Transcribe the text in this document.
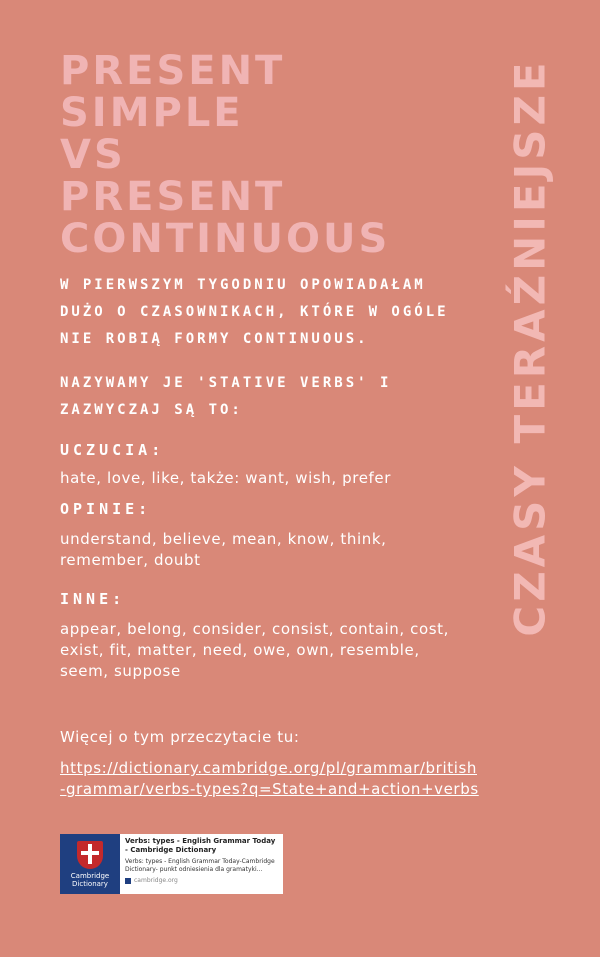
PRESENT SIMPLE
VS
PRESENT
CONTINUOUS	CZASY TERAŹNIEJSZE

W PIERWSZYM TYGODNIU OPOWIADAŁAM DUŻO O CZASOWNIKACH, KTÓRE W OGÓLE NIE ROBIĄ FORMY CONTINUOUS.

NAZYWAMY JE 'STATIVE VERBS' I ZAZWYCZAJ SĄ TO:

UCZUCIA:

hate, love, like, także: want, wish, prefer

OPINIE:

understand, believe, mean, know, think, remember, doubt

INNE:

appear, belong, consider, consist, contain, cost, exist, fit, matter, need, owe, own, resemble, seem, suppose

Więcej o tym przeczytacie tu:

https://dictionary.cambridge.org/pl/grammar/british-grammar/verbs-types?q=State+and+action+verbs
Cambridge Dictionary
Verbs: types - English Grammar Today - Cambridge Dictionary
Verbs: types - English Grammar Today-Cambridge Dictionary- punkt odniesienia dla gramatyki...
cambridge.org
